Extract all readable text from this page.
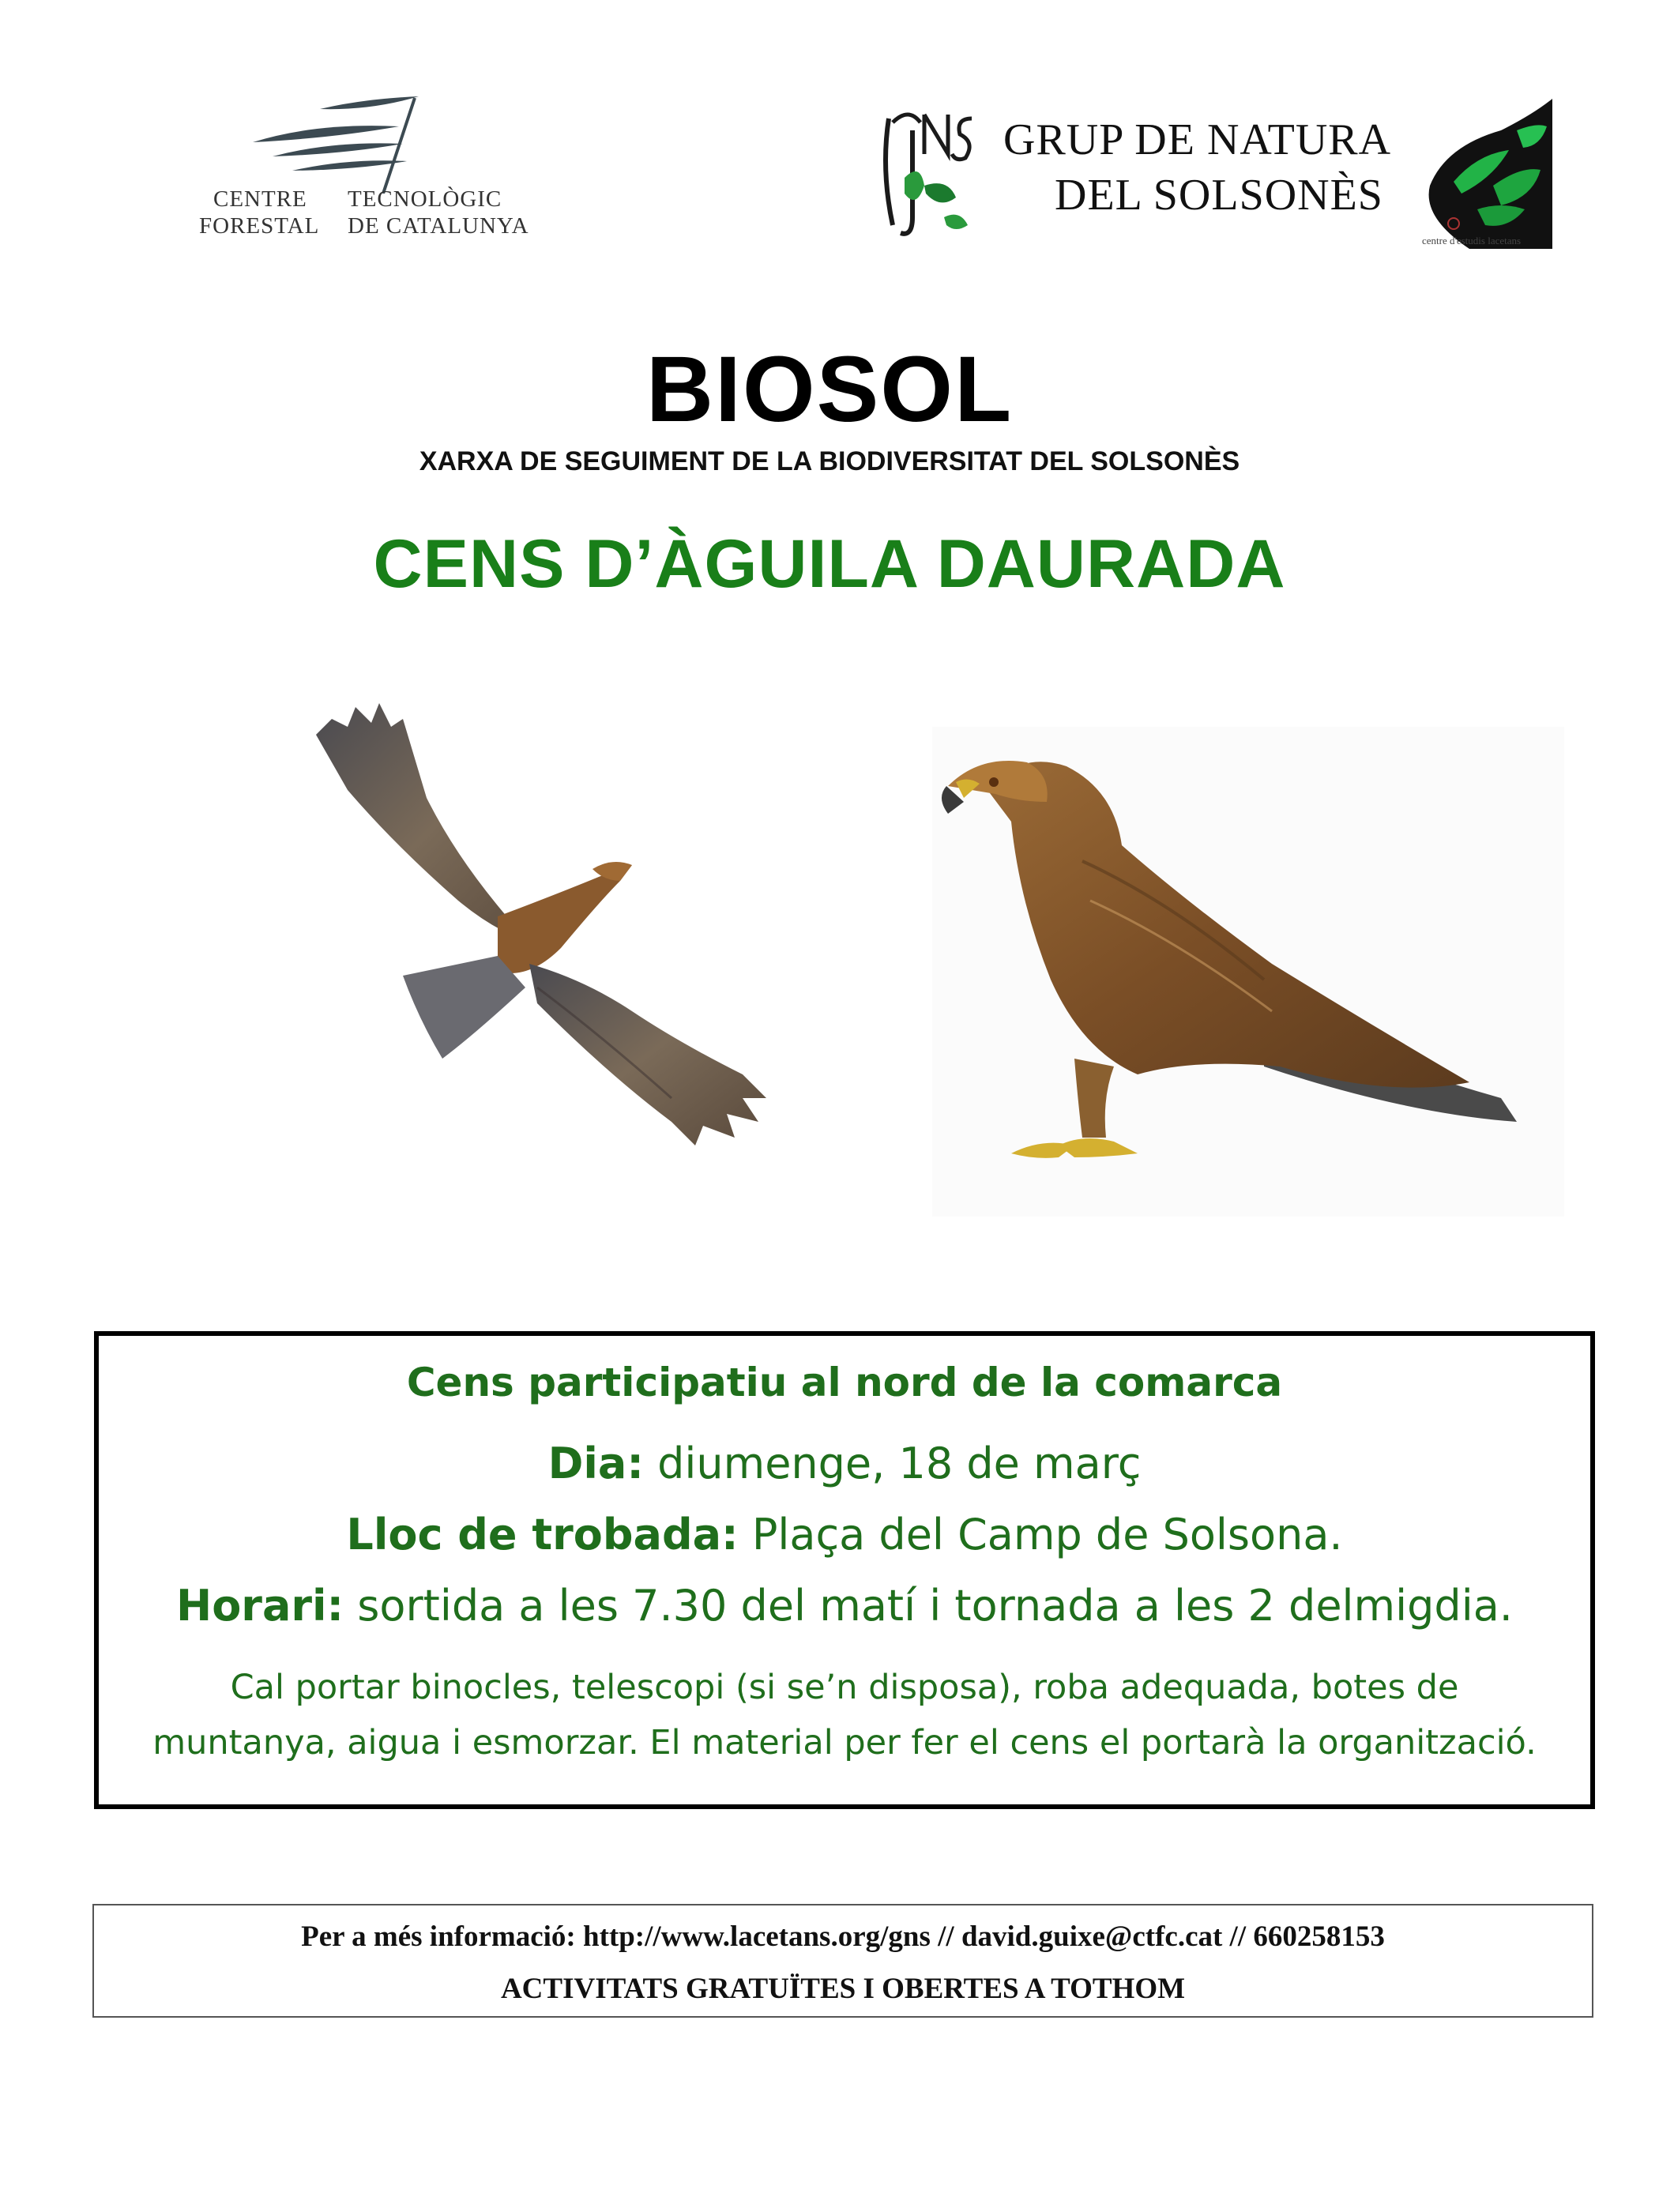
CENTRE TECNOLÒGIC
FORESTAL DE CATALUNYA
GRUP DE NATURA
DEL SOLSONÈS
centre d'estudis lacetans
BIOSOL
XARXA DE SEGUIMENT DE LA BIODIVERSITAT DEL SOLSONÈS
CENS D’ÀGUILA DAURADA
Cens participatiu al nord de la comarca
Dia: diumenge, 18 de març
Lloc de trobada: Plaça del Camp de Solsona.
Horari: sortida a les 7.30 del matí i tornada a les 2 delmigdia.
Cal portar binocles, telescopi (si se’n disposa), roba adequada, botes de
muntanya, aigua i esmorzar. El material per fer el cens el portarà la organització.
Per a més informació: http://www.lacetans.org/gns // david.guixe@ctfc.cat // 660258153
ACTIVITATS GRATUÏTES I OBERTES A TOTHOM
